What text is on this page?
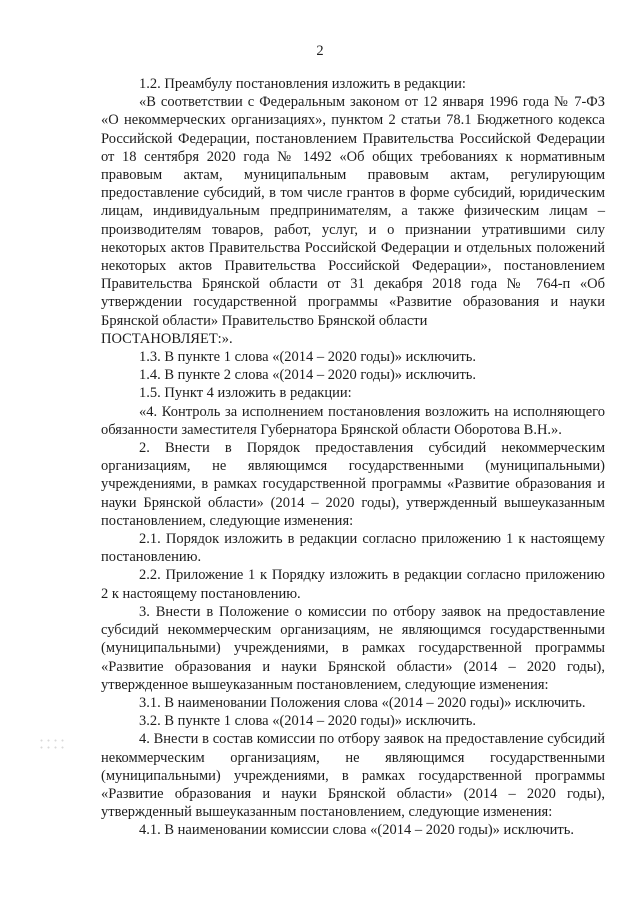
2

1.2. Преамбулу постановления изложить в редакции:

«В соответствии с Федеральным законом от 12 января 1996 года № 7-ФЗ «О некоммерческих организациях», пунктом 2 статьи 78.1 Бюджетного кодекса Российской Федерации, постановлением Правительства Российской Федерации от 18 сентября 2020 года № 1492 «Об общих требованиях к нормативным правовым актам, муниципальным правовым актам, регулирующим предоставление субсидий, в том числе грантов в форме субсидий, юридическим лицам, индивидуальным предпринимателям, а также физическим лицам – производителям товаров, работ, услуг, и о признании утратившими силу некоторых актов Правительства Российской Федерации и отдельных положений некоторых актов Правительства Российской Федерации», постановлением Правительства Брянской области от 31 декабря 2018 года № 764-п «Об утверждении государственной программы «Развитие образования и науки Брянской области» Правительство Брянской области

ПОСТАНОВЛЯЕТ:».

1.3. В пункте 1 слова «(2014 – 2020 годы)» исключить.

1.4. В пункте 2 слова «(2014 – 2020 годы)» исключить.

1.5. Пункт 4 изложить в редакции:

«4. Контроль за исполнением постановления возложить на исполняющего обязанности заместителя Губернатора Брянской области Оборотова В.Н.».

2. Внести в Порядок предоставления субсидий некоммерческим организациям, не являющимся государственными (муниципальными) учреждениями, в рамках государственной программы «Развитие образования и науки Брянской области» (2014 – 2020 годы), утвержденный вышеуказанным постановлением, следующие изменения:

2.1. Порядок изложить в редакции согласно приложению 1 к настоящему постановлению.

2.2. Приложение 1 к Порядку изложить в редакции согласно приложению 2 к настоящему постановлению.

3. Внести в Положение о комиссии по отбору заявок на предоставление субсидий некоммерческим организациям, не являющимся государственными (муниципальными) учреждениями, в рамках государственной программы «Развитие образования и науки Брянской области» (2014 – 2020 годы), утвержденное вышеуказанным постановлением, следующие изменения:

3.1. В наименовании Положения слова «(2014 – 2020 годы)» исключить.

3.2. В пункте 1 слова «(2014 – 2020 годы)» исключить.

4. Внести в состав комиссии по отбору заявок на предоставление субсидий некоммерческим организациям, не являющимся государственными (муниципальными) учреждениями, в рамках государственной программы «Развитие образования и науки Брянской области» (2014 – 2020 годы), утвержденный вышеуказанным постановлением, следующие изменения:

4.1. В наименовании комиссии слова «(2014 – 2020 годы)» исключить.
